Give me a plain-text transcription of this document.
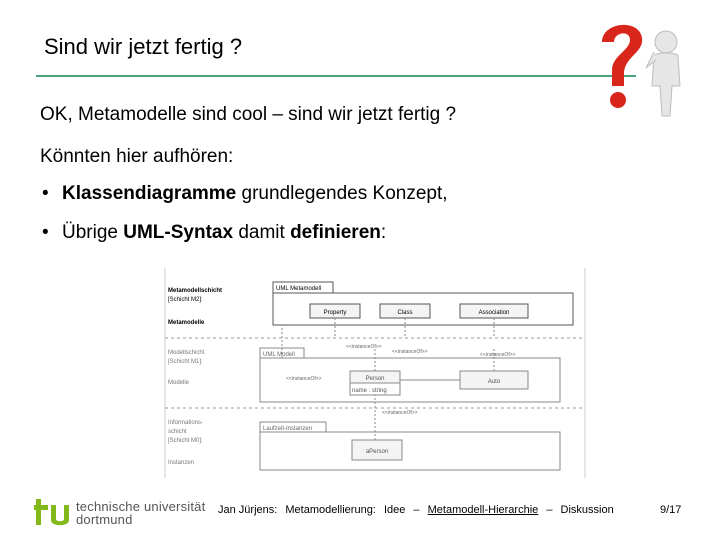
Sind wir jetzt fertig ?
OK, Metamodelle sind cool – sind wir jetzt fertig ?
Könnten hier aufhören:
• Klassendiagramme grundlegendes Konzept,
• Übrige UML-Syntax damit definieren:
Metamodellschicht
[Schicht M2]:
Metamodelle
Modellschicht
[Schicht M1]:
Modelle
Informations-
schicht
[Schicht M0]:
Instanzen
UML Metamodell
Property	Class	Association
UML Modell
Person
name : string
Auto
Laufzeit-Instanzen
aPerson
<<instanceOf>>
<<instanceOf>>	<<instanceOf>>
<<instanceOf>>
<<instanceOf>>
technische universität
dortmund
Jan Jürjens: Metamodellierung: Idee – Metamodell-Hierarchie – Diskussion	9/17
